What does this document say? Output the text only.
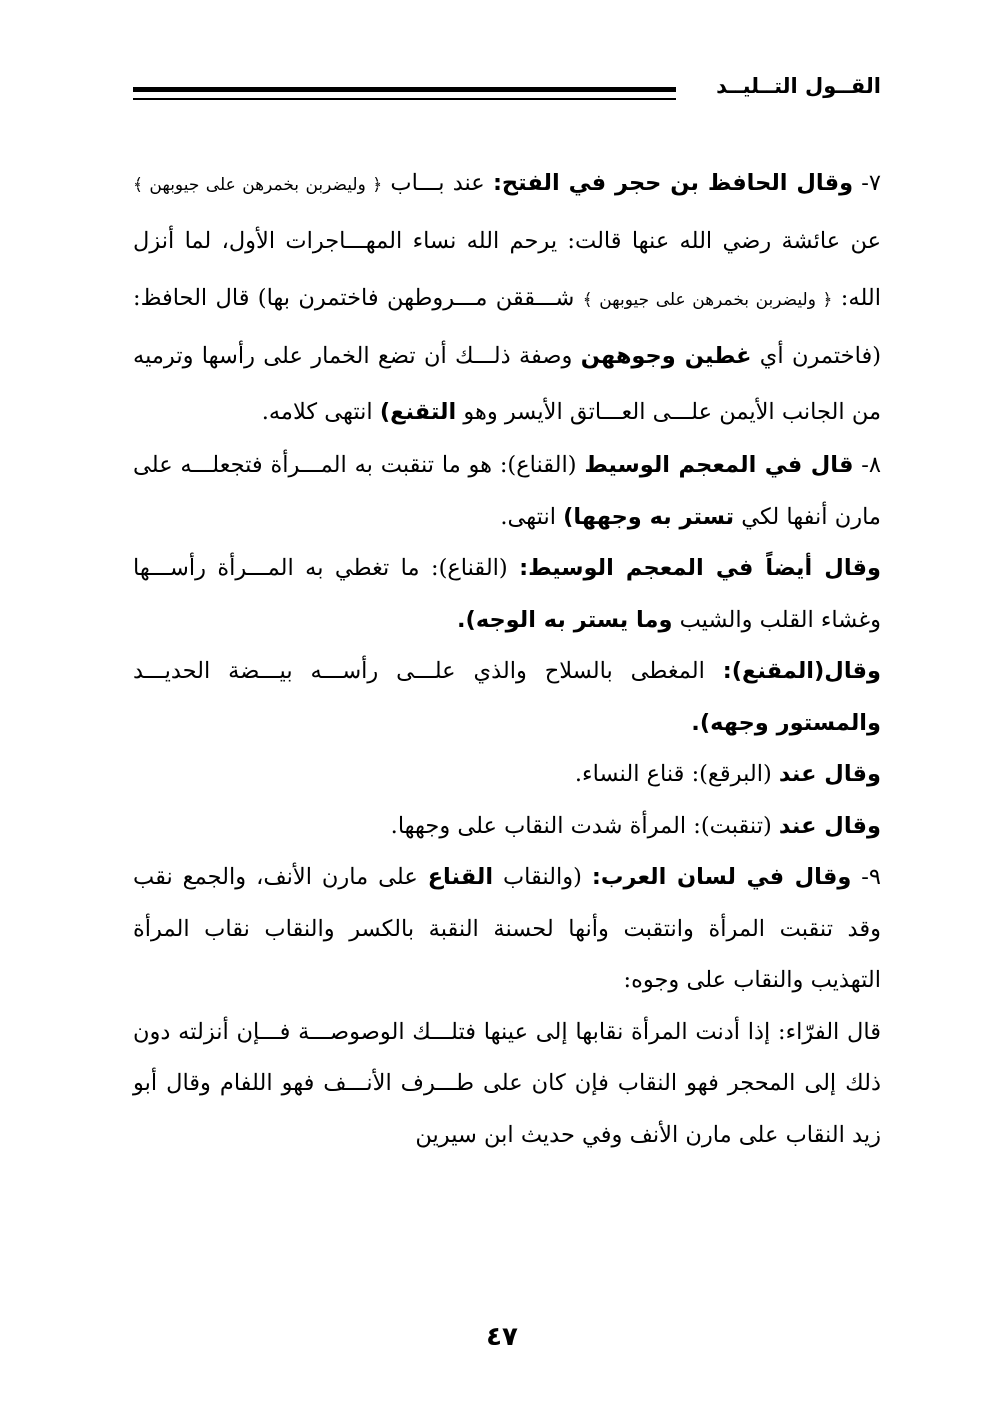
القــول التــليــد

٧- وقال الحافظ بن حجر في الفتح: عند بـــاب ﴿ وليضربن بخمرهن على جيوبهن ﴾ عن عائشة رضي الله عنها قالت: يرحم الله نساء المهـــاجرات الأول، لما أنزل الله: ﴿ وليضربن بخمرهن على جيوبهن ﴾ شـــققن مـــروطهن فاختمرن بها) قال الحافظ: (فاختمرن أي غطين وجوههن وصفة ذلـــك أن تضع الخمار على رأسها وترميه من الجانب الأيمن علـــى العـــاتق الأيسر وهو التقنع) انتهى كلامه.

٨- قال في المعجم الوسيط (القناع): هو ما تنقبت به المـــرأة فتجعلـــه على مارن أنفها لكي تستر به وجهها) انتهى.

وقال أيضاً في المعجم الوسيط: (القناع): ما تغطي به المـــرأة رأســـها وغشاء القلب والشيب وما يستر به الوجه).

وقال(المقنع): المغطى بالسلاح والذي علـــى رأســـه بيـــضة الحديـــد والمستور وجهه).

وقال عند (البرقع): قناع النساء.

وقال عند (تنقبت): المرأة شدت النقاب على وجهها.

٩- وقال في لسان العرب: (والنقاب القناع على مارن الأنف، والجمع نقب وقد تنقبت المرأة وانتقبت وأنها لحسنة النقبة بالكسر والنقاب نقاب المرأة التهذيب والنقاب على وجوه:

قال الفرّاء: إذا أدنت المرأة نقابها إلى عينها فتلـــك الوصوصـــة فـــإن أنزلته دون ذلك إلى المحجر فهو النقاب فإن كان على طـــرف الأنـــف فهو اللفام وقال أبو زيد النقاب على مارن الأنف وفي حديث ابن سيرين

٤٧
